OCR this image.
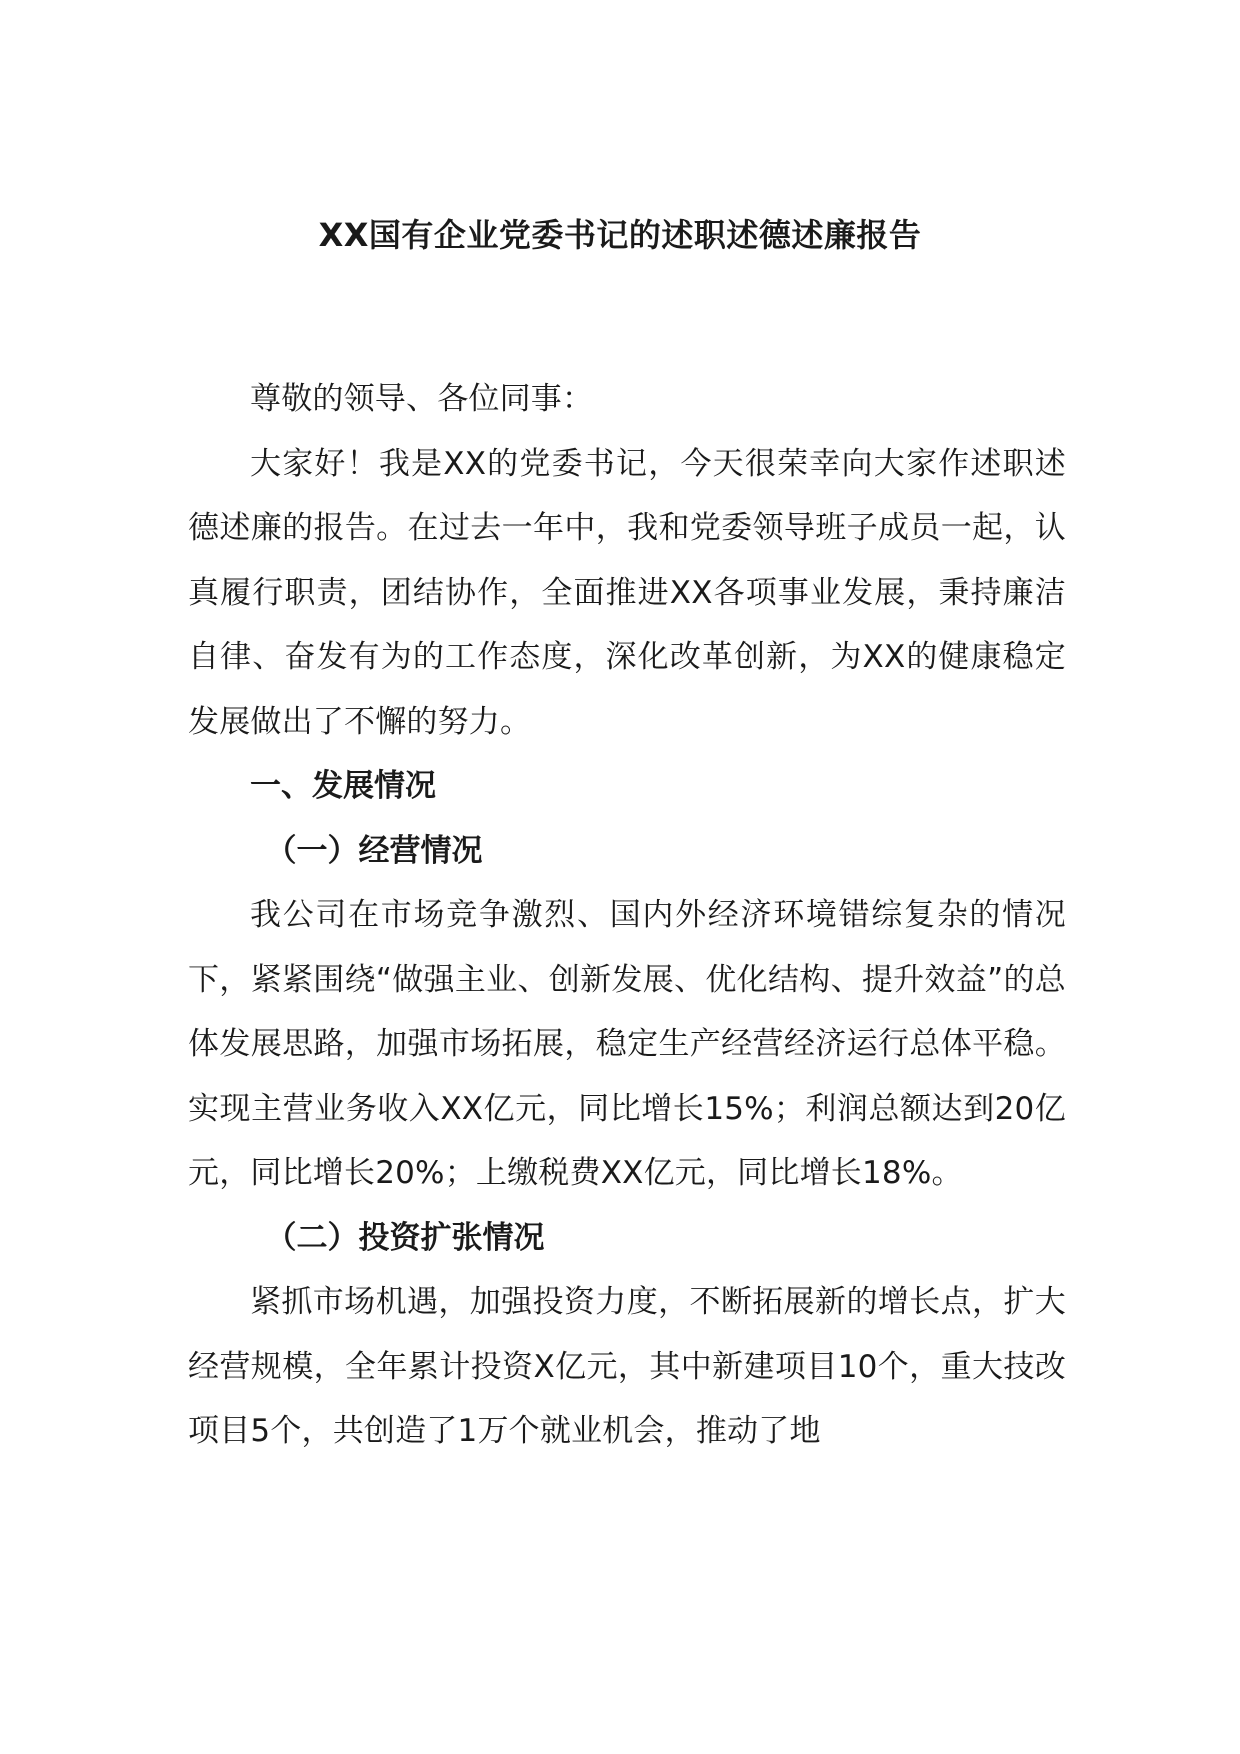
XX国有企业党委书记的述职述德述廉报告

尊敬的领导、各位同事：

大家好！我是XX的党委书记，今天很荣幸向大家作述职述德述廉的报告。在过去一年中，我和党委领导班子成员一起，认真履行职责，团结协作，全面推进XX各项事业发展，秉持廉洁自律、奋发有为的工作态度，深化改革创新，为XX的健康稳定发展做出了不懈的努力。

一、发展情况

（一）经营情况

我公司在市场竞争激烈、国内外经济环境错综复杂的情况下，紧紧围绕“做强主业、创新发展、优化结构、提升效益”的总体发展思路，加强市场拓展，稳定生产经营经济运行总体平稳。实现主营业务收入XX亿元，同比增长15%；利润总额达到20亿元，同比增长20%；上缴税费XX亿元，同比增长18%。

（二）投资扩张情况

紧抓市场机遇，加强投资力度，不断拓展新的增长点，扩大经营规模，全年累计投资X亿元，其中新建项目10个，重大技改项目5个，共创造了1万个就业机会，推动了地
